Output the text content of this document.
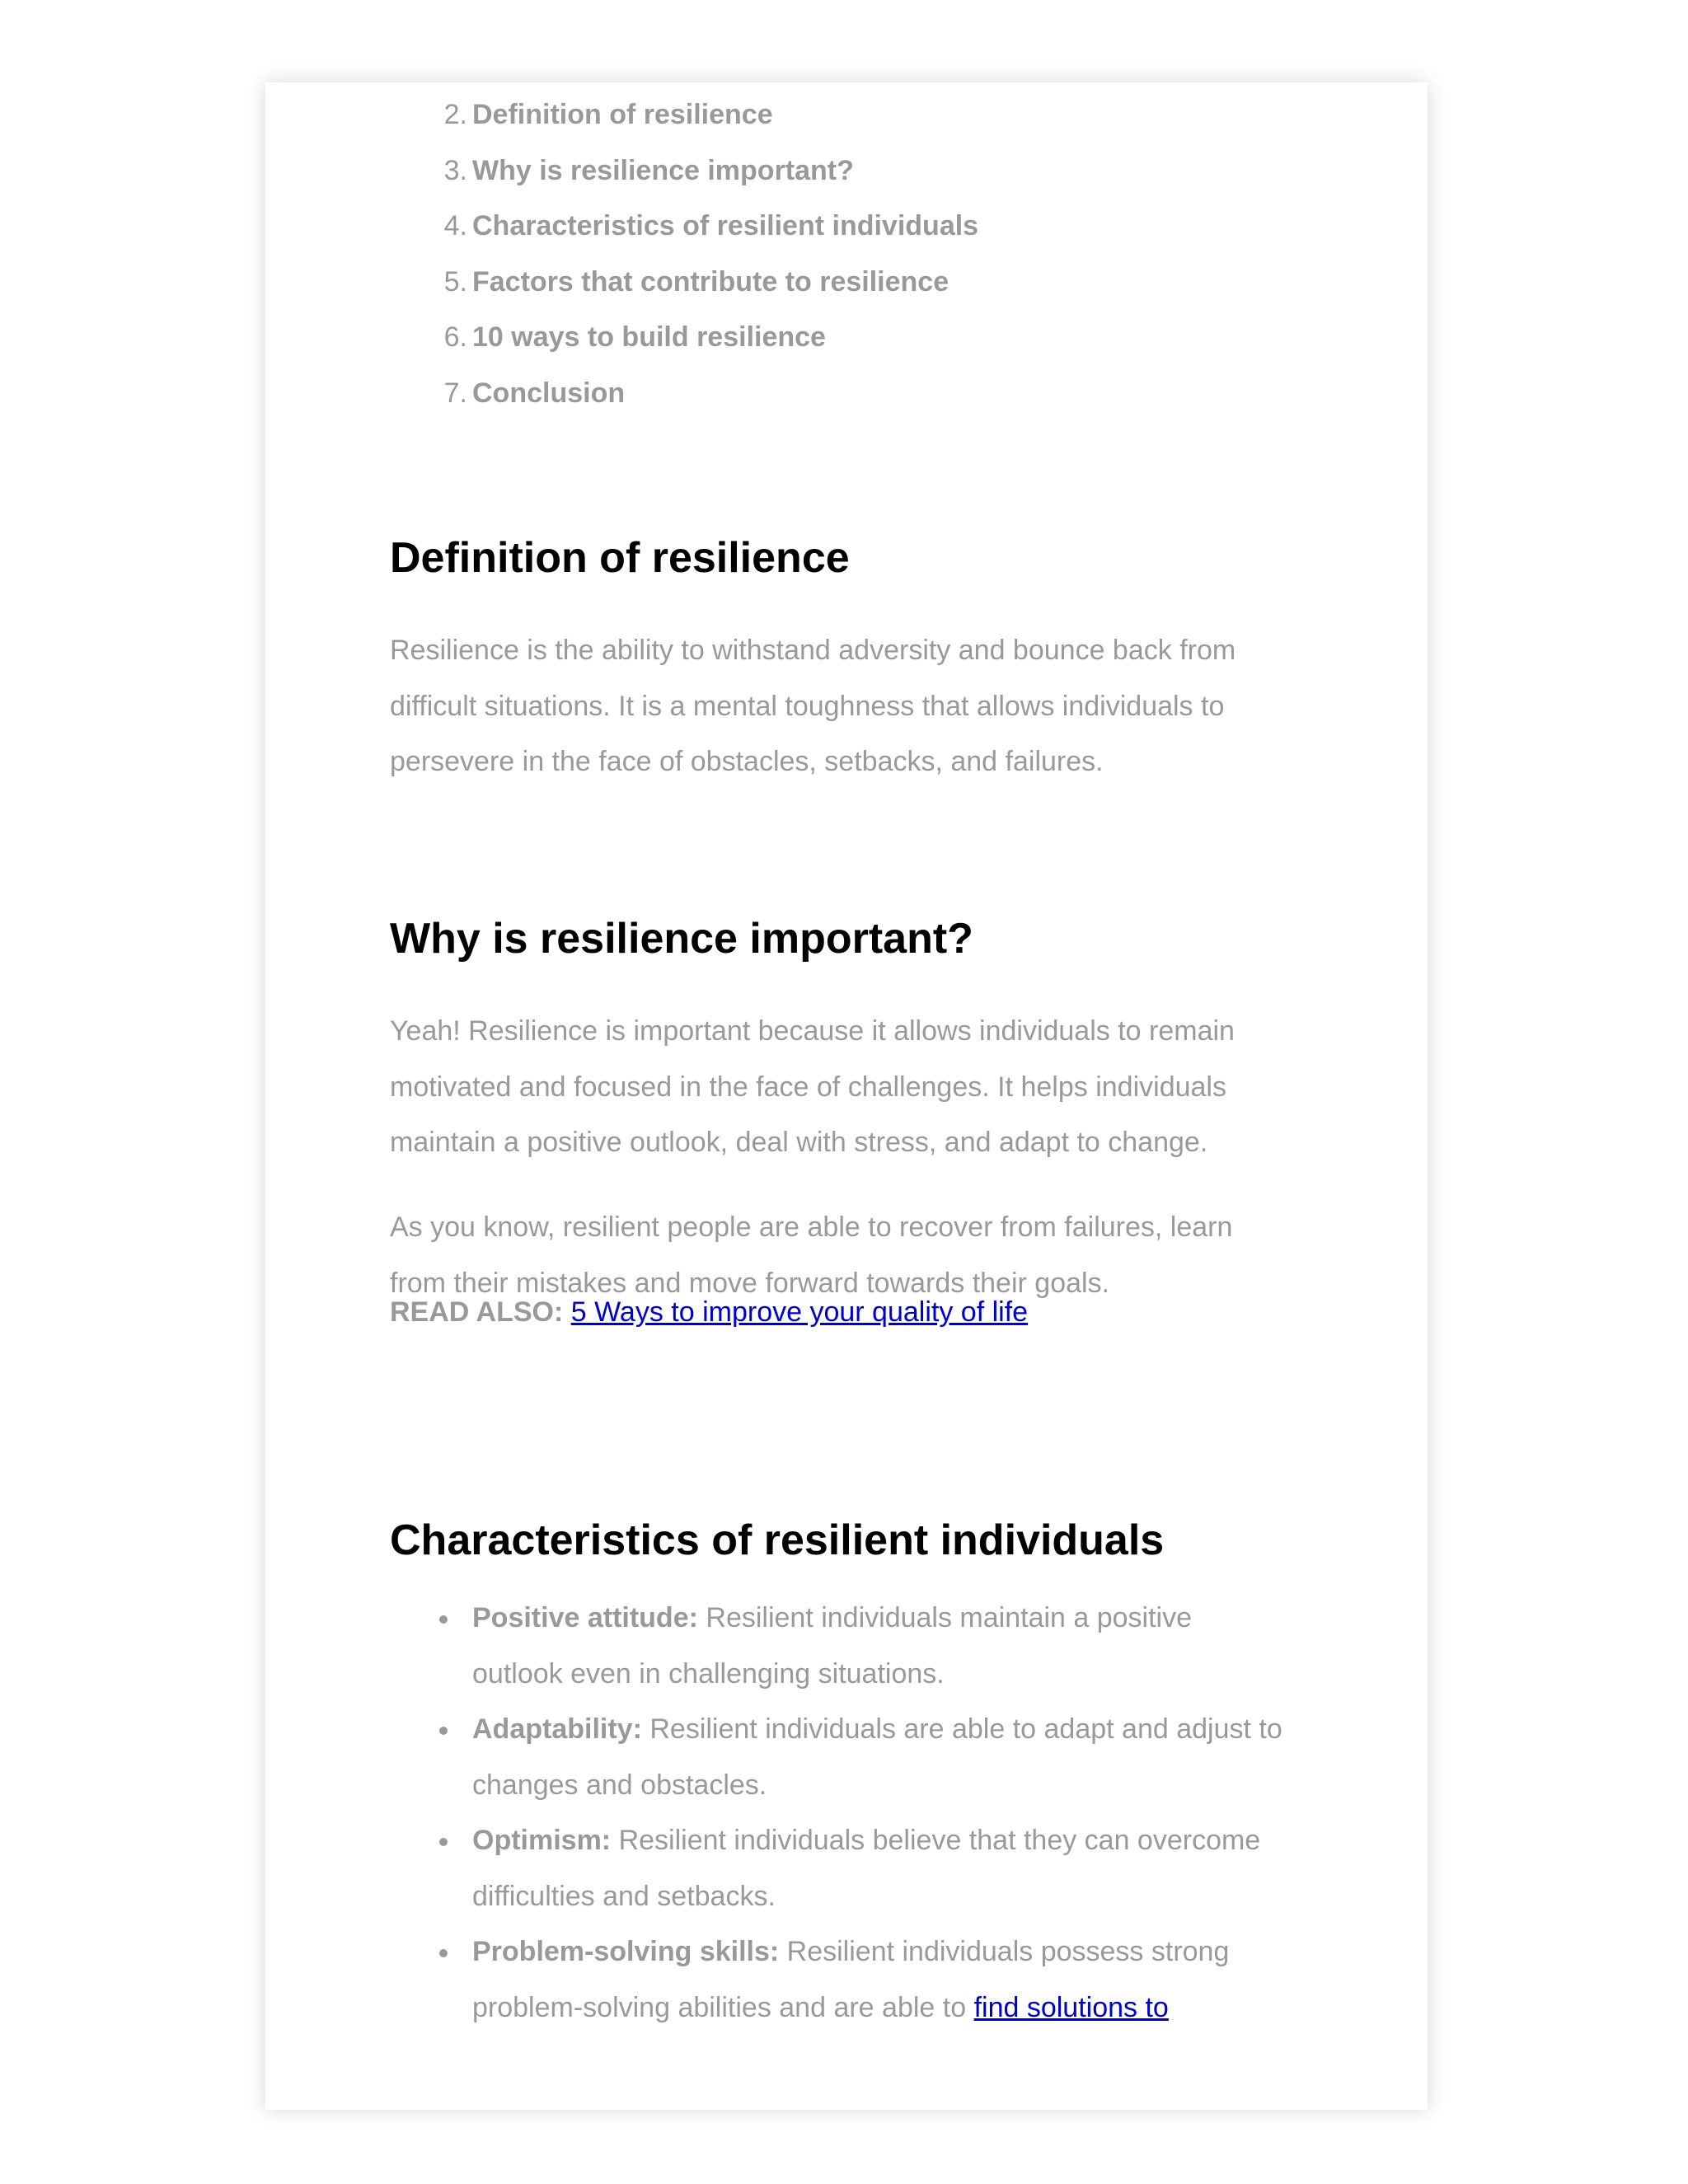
2. Definition of resilience
3. Why is resilience important?
4. Characteristics of resilient individuals
5. Factors that contribute to resilience
6. 10 ways to build resilience
7. Conclusion
Definition of resilience

Resilience is the ability to withstand adversity and bounce back from difficult situations. It is a mental toughness that allows individuals to persevere in the face of obstacles, setbacks, and failures.

Why is resilience important?

Yeah! Resilience is important because it allows individuals to remain motivated and focused in the face of challenges. It helps individuals maintain a positive outlook, deal with stress, and adapt to change.

As you know, resilient people are able to recover from failures, learn from their mistakes and move forward towards their goals.

READ ALSO: 5 Ways to improve your quality of life

Characteristics of resilient individuals
Positive attitude: Resilient individuals maintain a positive outlook even in challenging situations.
Adaptability: Resilient individuals are able to adapt and adjust to changes and obstacles.
Optimism: Resilient individuals believe that they can overcome difficulties and setbacks.
Problem-solving skills: Resilient individuals possess strong problem-solving abilities and are able to find solutions to
